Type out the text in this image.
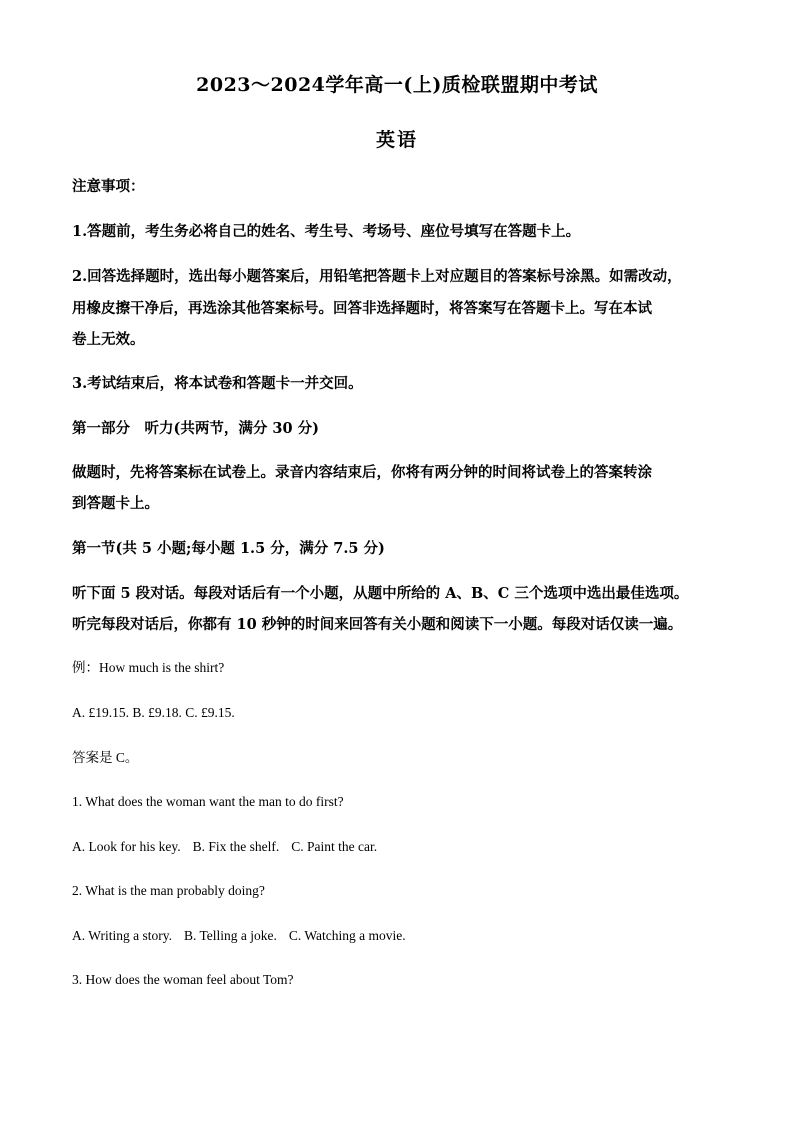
2023～2024学年高一(上)质检联盟期中考试
英语
注意事项：
1.答题前，考生务必将自己的姓名、考生号、考场号、座位号填写在答题卡上。
2.回答选择题时，选出每小题答案后，用铅笔把答题卡上对应题目的答案标号涂黑。如需改动，
用橡皮擦干净后，再选涂其他答案标号。回答非选择题时，将答案写在答题卡上。写在本试
卷上无效。
3.考试结束后，将本试卷和答题卡一并交回。
第一部分　听力(共两节，满分 30 分)
做题时，先将答案标在试卷上。录音内容结束后，你将有两分钟的时间将试卷上的答案转涂
到答题卡上。
第一节(共 5 小题;每小题 1.5 分，满分 7.5 分)
听下面 5 段对话。每段对话后有一个小题，从题中所给的 A、B、C 三个选项中选出最佳选项。
听完每段对话后，你都有 10 秒钟的时间来回答有关小题和阅读下一小题。每段对话仅读一遍。
例：How much is the shirt?
A. £19.15. B. £9.18. C. £9.15.
答案是 C。
1. What does the woman want the man to do first?
A. Look for his key. B. Fix the shelf. C. Paint the car.
2. What is the man probably doing?
A. Writing a story. B. Telling a joke. C. Watching a movie.
3. How does the woman feel about Tom?
